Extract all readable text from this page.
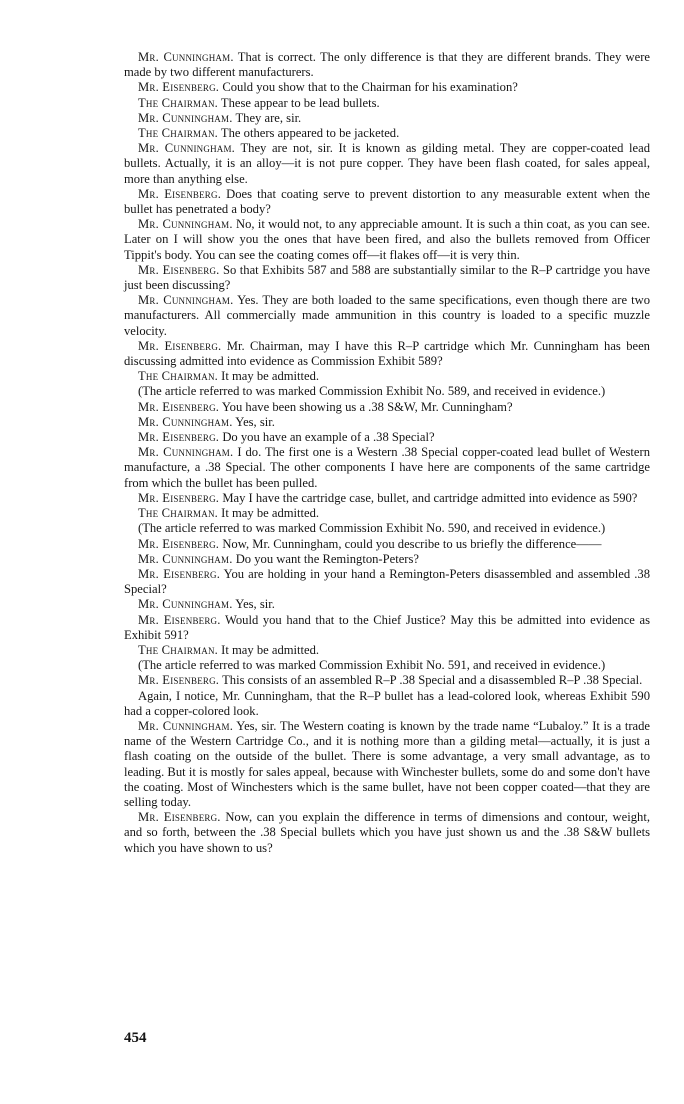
Mr. Cunningham. That is correct. The only difference is that they are different brands. They were made by two different manufacturers.

Mr. Eisenberg. Could you show that to the Chairman for his examination?

The Chairman. These appear to be lead bullets.

Mr. Cunningham. They are, sir.

The Chairman. The others appeared to be jacketed.

Mr. Cunningham. They are not, sir. It is known as gilding metal. They are copper-coated lead bullets. Actually, it is an alloy—it is not pure copper. They have been flash coated, for sales appeal, more than anything else.

Mr. Eisenberg. Does that coating serve to prevent distortion to any measurable extent when the bullet has penetrated a body?

Mr. Cunningham. No, it would not, to any appreciable amount. It is such a thin coat, as you can see. Later on I will show you the ones that have been fired, and also the bullets removed from Officer Tippit's body. You can see the coating comes off—it flakes off—it is very thin.

Mr. Eisenberg. So that Exhibits 587 and 588 are substantially similar to the R–P cartridge you have just been discussing?

Mr. Cunningham. Yes. They are both loaded to the same specifications, even though there are two manufacturers. All commercially made ammunition in this country is loaded to a specific muzzle velocity.

Mr. Eisenberg. Mr. Chairman, may I have this R–P cartridge which Mr. Cunningham has been discussing admitted into evidence as Commission Exhibit 589?

The Chairman. It may be admitted.

(The article referred to was marked Commission Exhibit No. 589, and received in evidence.)

Mr. Eisenberg. You have been showing us a .38 S&W, Mr. Cunningham?

Mr. Cunningham. Yes, sir.

Mr. Eisenberg. Do you have an example of a .38 Special?

Mr. Cunningham. I do. The first one is a Western .38 Special copper-coated lead bullet of Western manufacture, a .38 Special. The other components I have here are components of the same cartridge from which the bullet has been pulled.

Mr. Eisenberg. May I have the cartridge case, bullet, and cartridge admitted into evidence as 590?

The Chairman. It may be admitted.

(The article referred to was marked Commission Exhibit No. 590, and received in evidence.)

Mr. Eisenberg. Now, Mr. Cunningham, could you describe to us briefly the difference——

Mr. Cunningham. Do you want the Remington-Peters?

Mr. Eisenberg. You are holding in your hand a Remington-Peters disassembled and assembled .38 Special?

Mr. Cunningham. Yes, sir.

Mr. Eisenberg. Would you hand that to the Chief Justice? May this be admitted into evidence as Exhibit 591?

The Chairman. It may be admitted.

(The article referred to was marked Commission Exhibit No. 591, and received in evidence.)

Mr. Eisenberg. This consists of an assembled R–P .38 Special and a disassembled R–P .38 Special.

Again, I notice, Mr. Cunningham, that the R–P bullet has a lead-colored look, whereas Exhibit 590 had a copper-colored look.

Mr. Cunningham. Yes, sir. The Western coating is known by the trade name “Lubaloy.” It is a trade name of the Western Cartridge Co., and it is nothing more than a gilding metal—actually, it is just a flash coating on the outside of the bullet. There is some advantage, a very small advantage, as to leading. But it is mostly for sales appeal, because with Winchester bullets, some do and some don't have the coating. Most of Winchesters which is the same bullet, have not been copper coated—that they are selling today.

Mr. Eisenberg. Now, can you explain the difference in terms of dimensions and contour, weight, and so forth, between the .38 Special bullets which you have just shown us and the .38 S&W bullets which you have shown to us?

454
